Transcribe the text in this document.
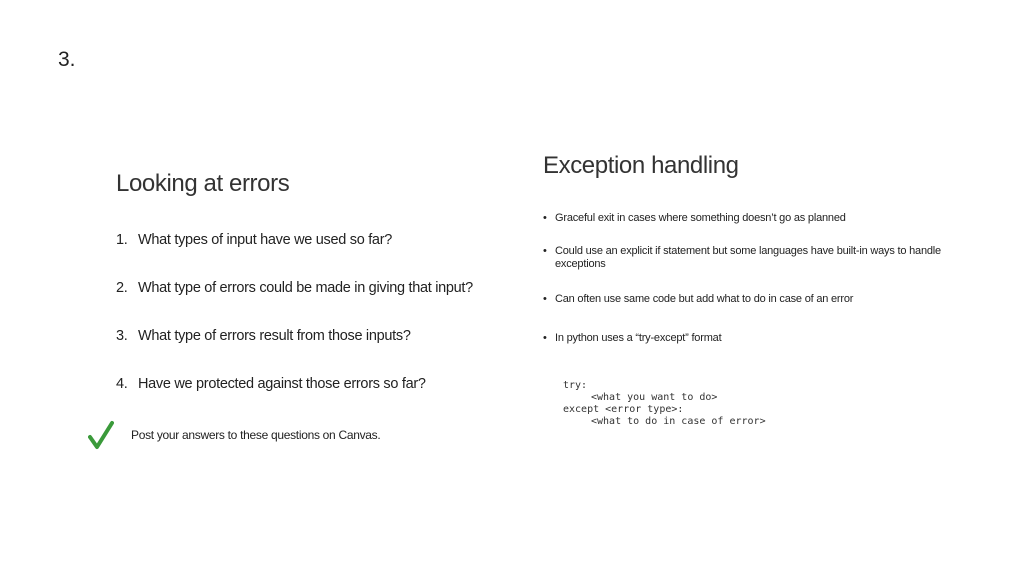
3.
Looking at errors
1. What types of input have we used so far?
2. What type of errors could be made in giving that input?
3. What type of errors result from those inputs?
4. Have we protected against those errors so far?
Post your answers to these questions on Canvas.
Exception handling
• Graceful exit in cases where something doesn’t go as planned
• Could use an explicit if statement but some languages have built-in ways to handle exceptions
• Can often use same code but add what to do in case of an error
• In python uses a “try-except” format
try:
<what you want to do>
except <error type>:
<what to do in case of error>
